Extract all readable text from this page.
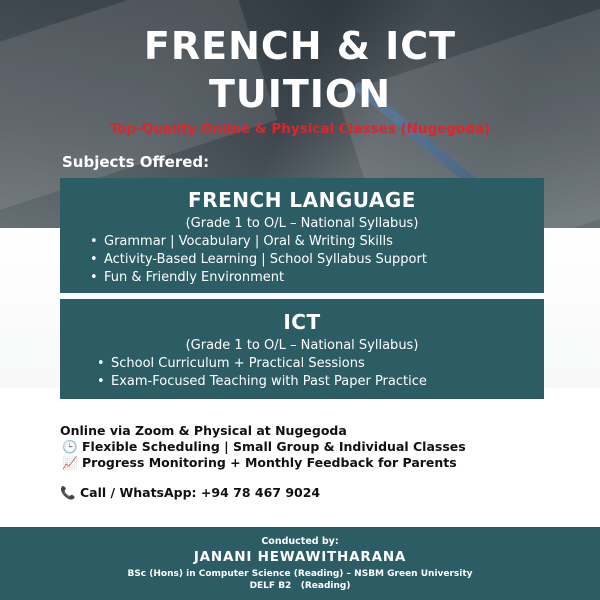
FRENCH & ICT
TUITION
Top-Quality Online & Physical Classes (Nugegoda)
Subjects Offered:
FRENCH LANGUAGE
(Grade 1 to O/L – National Syllabus)
• Grammar | Vocabulary | Oral & Writing Skills
• Activity-Based Learning | School Syllabus Support
• Fun & Friendly Environment
ICT
(Grade 1 to O/L – National Syllabus)
• School Curriculum + Practical Sessions
• Exam-Focused Teaching with Past Paper Practice
Online via Zoom & Physical at Nugegoda
🕒 Flexible Scheduling | Small Group & Individual Classes
📈 Progress Monitoring + Monthly Feedback for Parents
📞 Call / WhatsApp: +94 78 467 9024
Conducted by:
JANANI HEWAWITHARANA
BSc (Hons) in Computer Science (Reading) – NSBM Green University
DELF B2   (Reading)
